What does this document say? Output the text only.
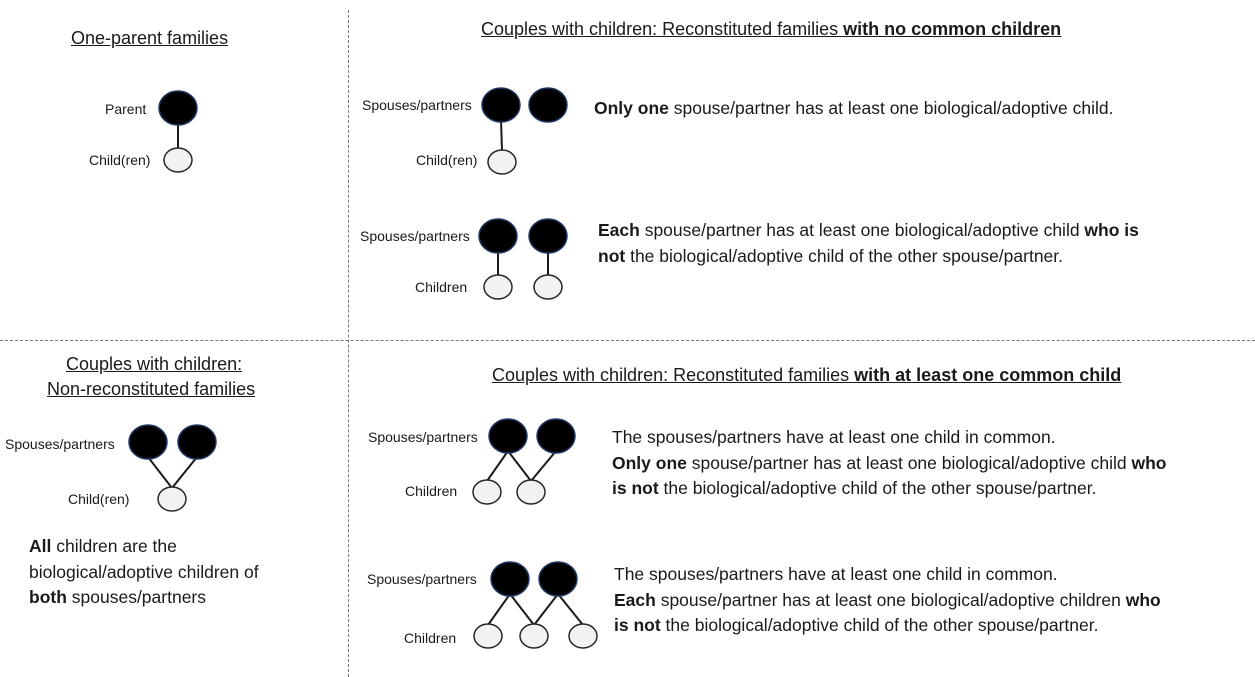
One-parent families
Parent
Child(ren)
Couples with children: Reconstituted families with no common children
Spouses/partners
Child(ren)
Only one spouse/partner has at least one biological/adoptive child.
Spouses/partners
Children
Each spouse/partner has at least one biological/adoptive child who is
not the biological/adoptive child of the other spouse/partner.
Couples with children:
Non-reconstituted families
Spouses/partners
Child(ren)
All children are the
biological/adoptive children of
both spouses/partners
Couples with children: Reconstituted families with at least one common child
Spouses/partners
Children
The spouses/partners have at least one child in common.
Only one spouse/partner has at least one biological/adoptive child who
is not the biological/adoptive child of the other spouse/partner.
Spouses/partners
Children
The spouses/partners have at least one child in common.
Each spouse/partner has at least one biological/adoptive children who
is not the biological/adoptive child of the other spouse/partner.
